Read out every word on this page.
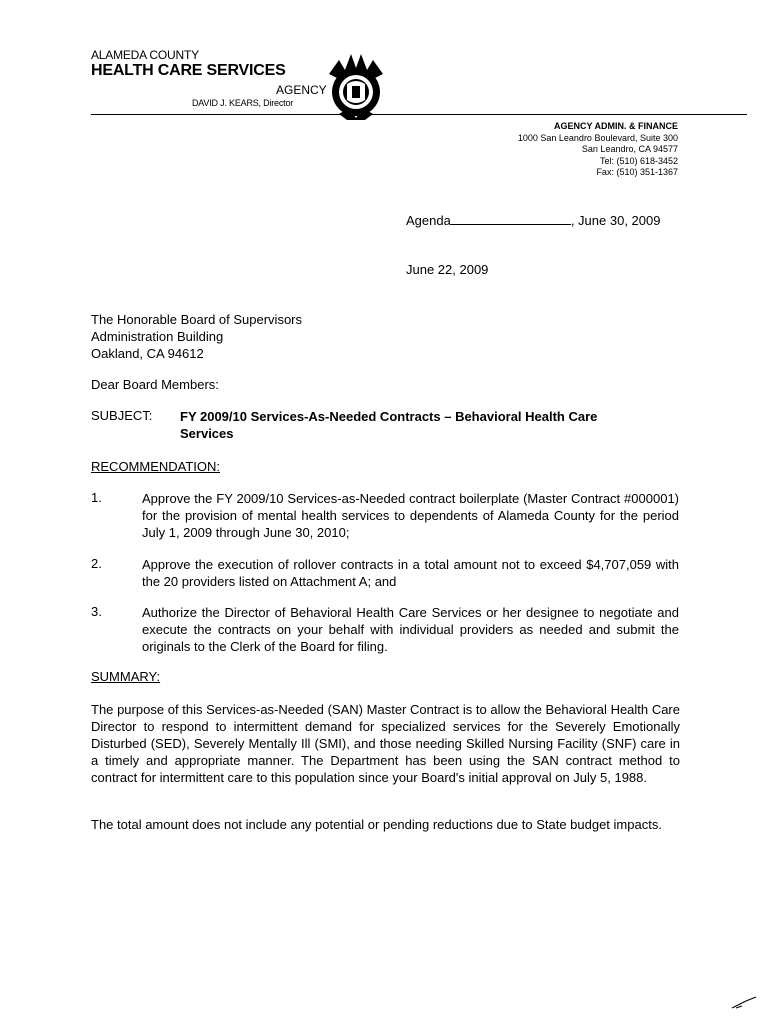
ALAMEDA COUNTY
HEALTH CARE SERVICES
AGENCY
DAVID J. KEARS, Director
AGENCY ADMIN. & FINANCE
1000 San Leandro Boulevard, Suite 300
San Leandro, CA 94577
Tel: (510) 618-3452
Fax: (510) 351-1367
Agenda	, June 30, 2009
June 22, 2009
The Honorable Board of Supervisors
Administration Building
Oakland, CA 94612
Dear Board Members:
SUBJECT: FY 2009/10 Services-As-Needed Contracts – Behavioral Health Care Services
RECOMMENDATION:
1.	Approve the FY 2009/10 Services-as-Needed contract boilerplate (Master Contract #000001) for the provision of mental health services to dependents of Alameda County for the period July 1, 2009 through June 30, 2010;
2.	Approve the execution of rollover contracts in a total amount not to exceed $4,707,059 with the 20 providers listed on Attachment A; and
3.	Authorize the Director of Behavioral Health Care Services or her designee to negotiate and execute the contracts on your behalf with individual providers as needed and submit the originals to the Clerk of the Board for filing.
SUMMARY:
The purpose of this Services-as-Needed (SAN) Master Contract is to allow the Behavioral Health Care Director to respond to intermittent demand for specialized services for the Severely Emotionally Disturbed (SED), Severely Mentally Ill (SMI), and those needing Skilled Nursing Facility (SNF) care in a timely and appropriate manner. The Department has been using the SAN contract method to contract for intermittent care to this population since your Board's initial approval on July 5, 1988.
The total amount does not include any potential or pending reductions due to State budget impacts.
